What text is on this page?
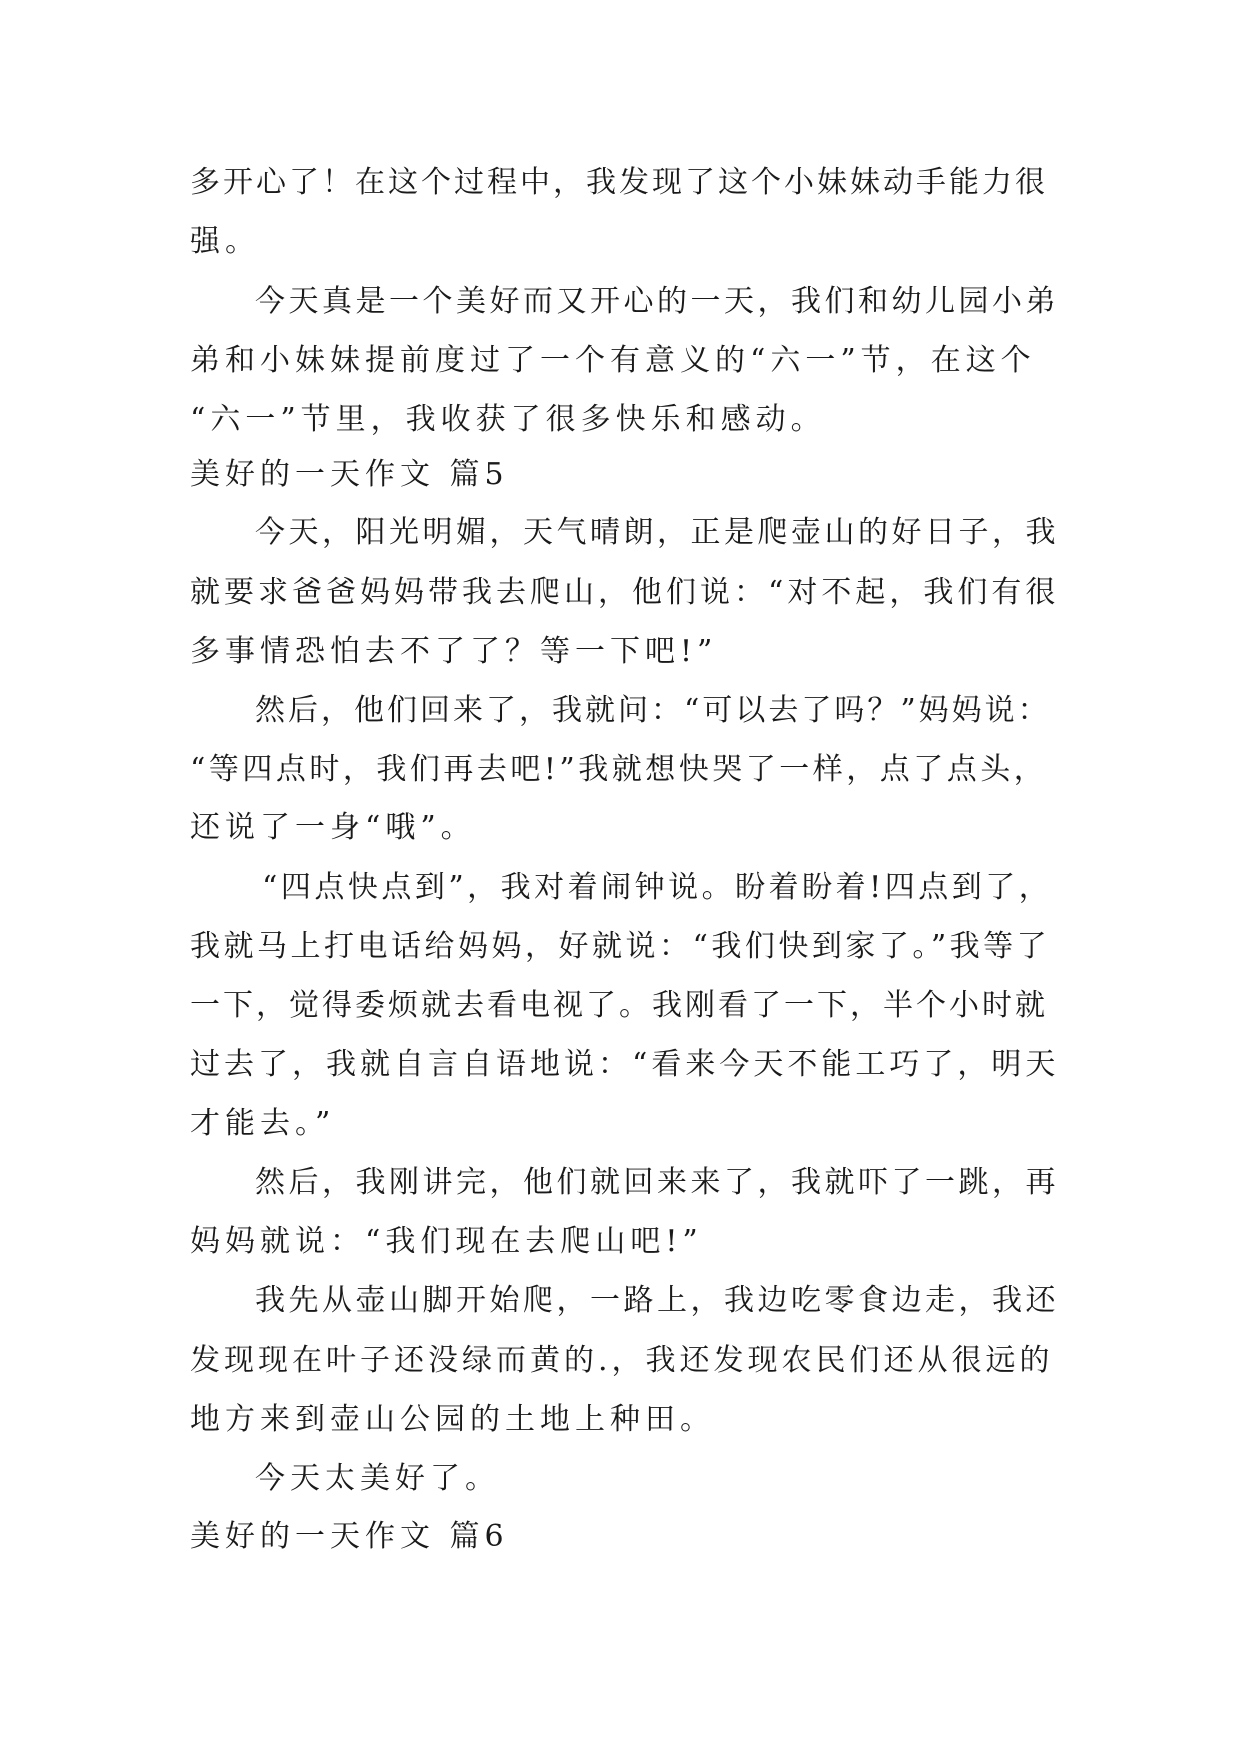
多开心了！在这个过程中，我发现了这个小妹妹动手能力很
强。
今天真是一个美好而又开心的一天，我们和幼儿园小弟
弟和小妹妹提前度过了一个有意义的“六一”节，在这个
“六一”节里，我收获了很多快乐和感动。
美好的一天作文 篇5
今天，阳光明媚，天气晴朗，正是爬壶山的好日子，我
就要求爸爸妈妈带我去爬山，他们说：“对不起，我们有很
多事情恐怕去不了了？等一下吧!”
然后，他们回来了，我就问：“可以去了吗？”妈妈说：
“等四点时，我们再去吧!”我就想快哭了一样，点了点头，
还说了一身“哦”。
“四点快点到”，我对着闹钟说。盼着盼着!四点到了，
我就马上打电话给妈妈，好就说：“我们快到家了。”我等了
一下，觉得委烦就去看电视了。我刚看了一下，半个小时就
过去了，我就自言自语地说：“看来今天不能工巧了，明天
才能去。”
然后，我刚讲完，他们就回来来了，我就吓了一跳，再
妈妈就说：“我们现在去爬山吧!”
我先从壶山脚开始爬，一路上，我边吃零食边走，我还
发现现在叶子还没绿而黄的.，我还发现农民们还从很远的
地方来到壶山公园的土地上种田。
今天太美好了。
美好的一天作文 篇6
